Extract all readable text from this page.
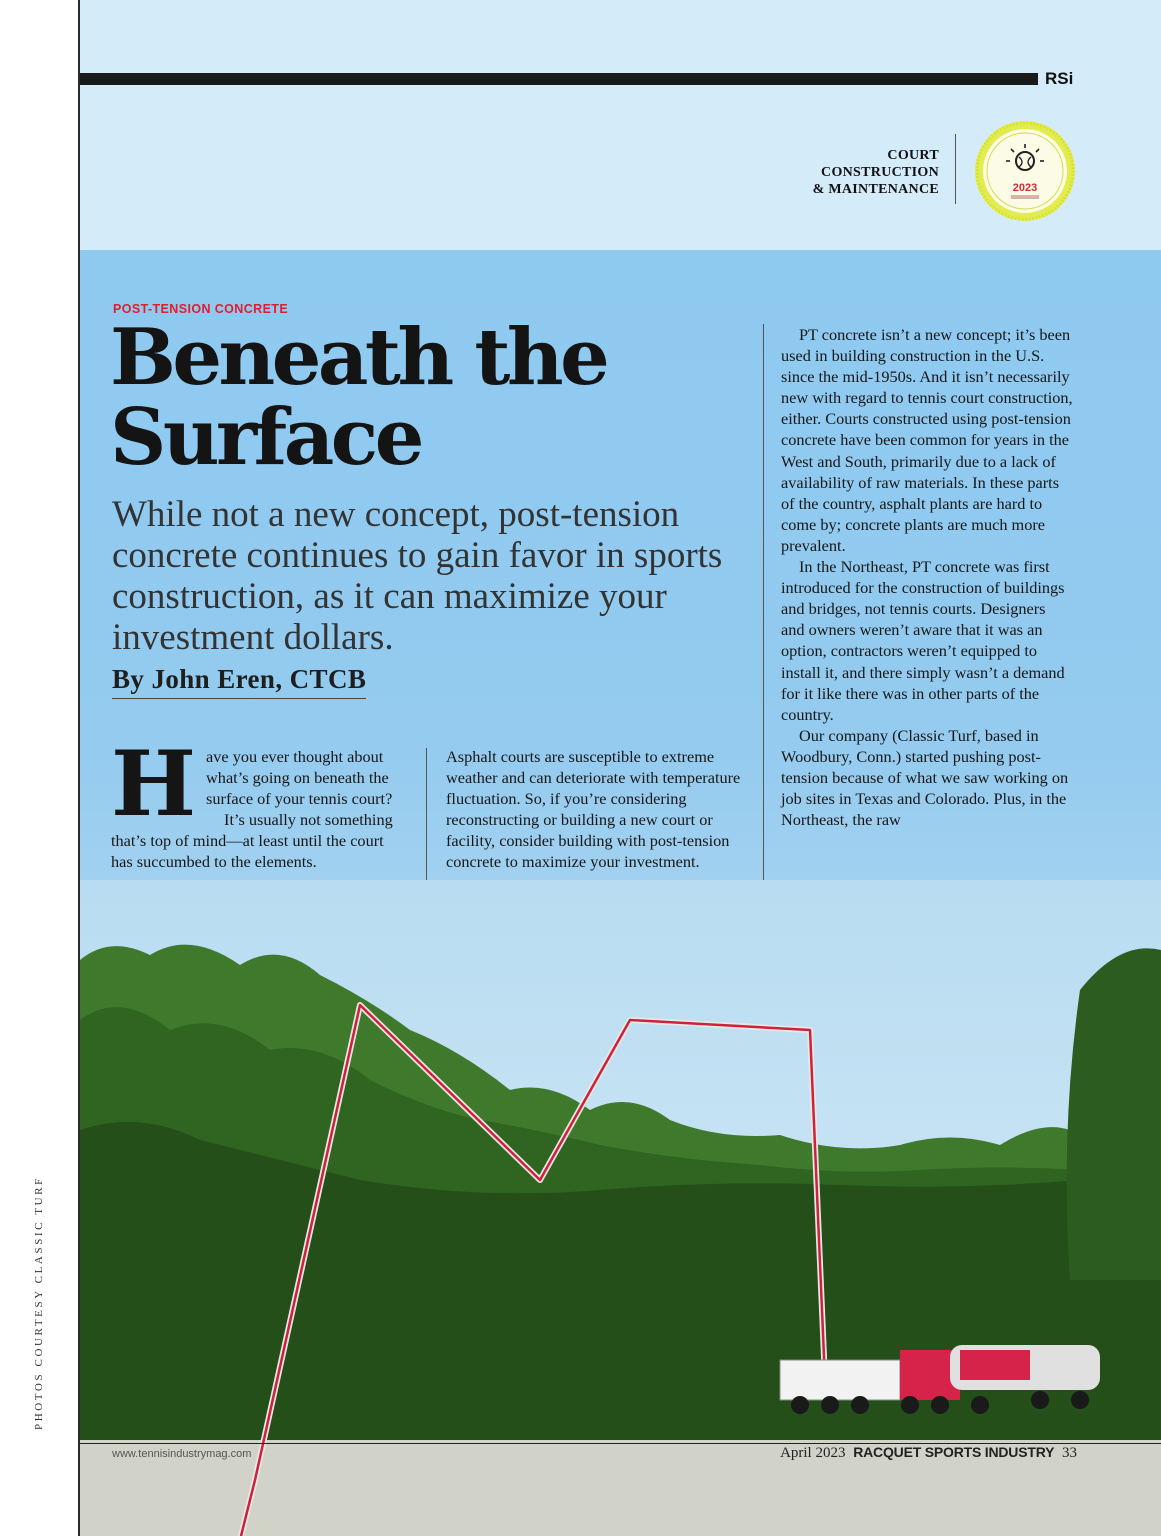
PHOTOS COURTESY CLASSIC TURF
RSi
COURT
CONSTRUCTION
& MAINTENANCE	2023
POST-TENSION CONCRETE
Beneath the
Surface
While not a new concept, post-tension concrete continues to gain favor in sports construction, as it can maximize your investment dollars.
By John Eren, CTCB
H ave you ever thought about what’s going on beneath the surface of your tennis court?

It’s usually not something that’s top of mind—at least until the court has succumbed to the elements.

Asphalt courts are susceptible to extreme weather and can deteriorate with temperature fluctuation. So, if you’re considering reconstructing or building a new court or facility, consider building with post-tension concrete to maximize your investment.

PT concrete isn’t a new concept; it’s been used in building construction in the U.S. since the mid-1950s. And it isn’t necessarily new with regard to tennis court construction, either. Courts constructed using post-tension concrete have been common for years in the West and South, primarily due to a lack of availability of raw materials. In these parts of the country, asphalt plants are hard to come by; concrete plants are much more prevalent.

In the Northeast, PT concrete was first introduced for the construction of buildings and bridges, not tennis courts. Designers and owners weren’t aware that it was an option, contractors weren’t equipped to install it, and there simply wasn’t a demand for it like there was in other parts of the country.

Our company (Classic Turf, based in Woodbury, Conn.) started pushing post-tension because of what we saw working on job sites in Texas and Colorado. Plus, in the Northeast, the raw

www.tennisindustrymag.com	April 2023 RACQUET SPORTS INDUSTRY 33
